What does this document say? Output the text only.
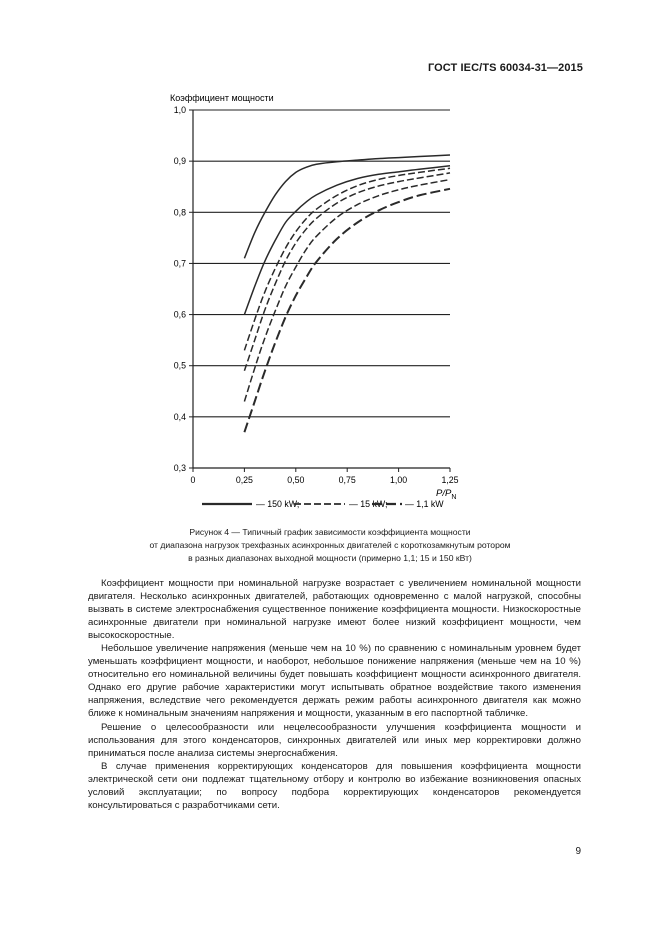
ГОСТ IEC/TS 60034-31—2015
0,3
0,4
0,5
0,6
0,7
0,8
0,9
1,0
0	0,25	0,50	0,75	1,00	1,25
Коэффициент мощности
$P/P_N$
— 150 kW;	— 15 kW; — 1,1 kW
Рисунок 4 — Типичный график зависимости коэффициента мощности
от диапазона нагрузок трехфазных асинхронных двигателей с короткозамкнутым ротором
в разных диапазонах выходной мощности (примерно 1,1; 15 и 150 кВт)

Коэффициент мощности при номинальной нагрузке возрастает с увеличением номинальной мощности двигателя. Несколько асинхронных двигателей, работающих одновременно с малой нагрузкой, способны вызвать в системе электроснабжения существенное понижение коэффициента мощности. Низкоскоростные асинхронные двигатели при номинальной нагрузке имеют более низкий коэффициент мощности, чем высокоскоростные.

Небольшое увеличение напряжения (меньше чем на 10 %) по сравнению с номинальным уровнем будет уменьшать коэффициент мощности, и наоборот, небольшое понижение напряжения (меньше чем на 10 %) относительно его номинальной величины будет повышать коэффициент мощности асинхронного двигателя. Однако его другие рабочие характеристики могут испытывать обратное воздействие такого изменения напряжения, вследствие чего рекомендуется держать режим работы асинхронного двигателя как можно ближе к номинальным значениям напряжения и мощности, указанным в его паспортной табличке.

Решение о целесообразности или нецелесообразности улучшения коэффициента мощности и использования для этого конденсаторов, синхронных двигателей или иных мер корректировки должно приниматься после анализа системы энергоснабжения.

В случае применения корректирующих конденсаторов для повышения коэффициента мощности электрической сети они подлежат тщательному отбору и контролю во избежание возникновения опасных условий эксплуатации; по вопросу подбора корректирующих конденсаторов рекомендуется консультироваться с разработчиками сети.

9
